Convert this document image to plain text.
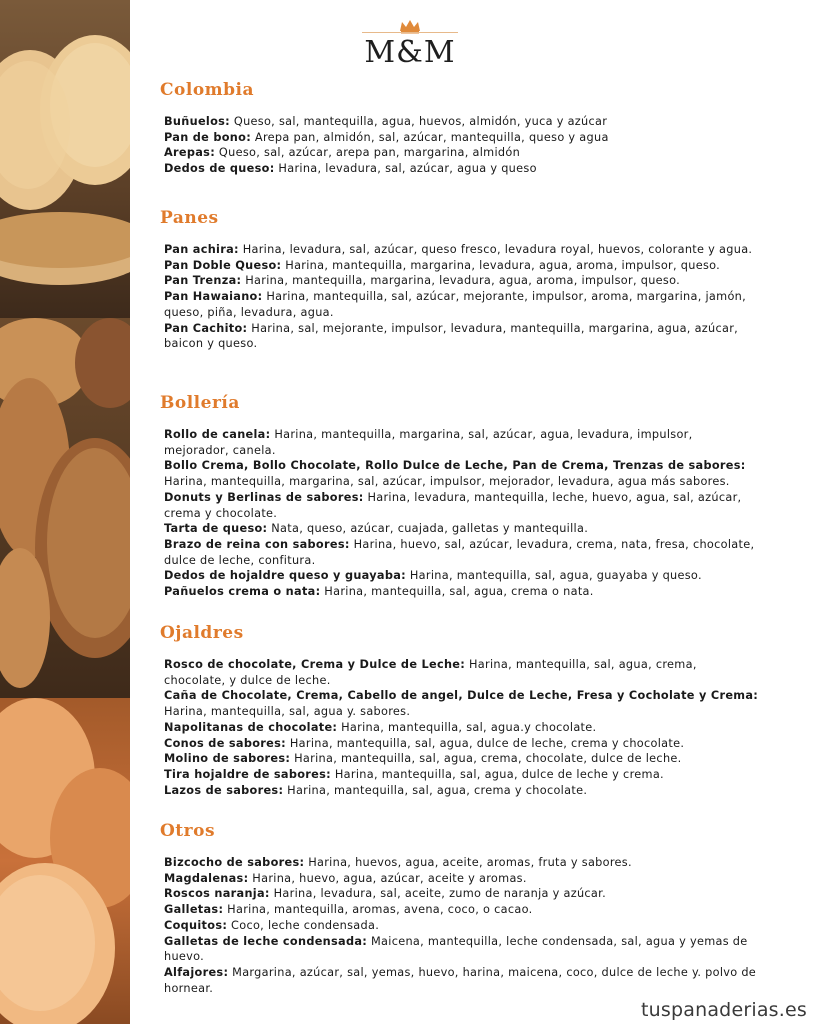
M&M
Colombia
Buñuelos: Queso, sal, mantequilla, agua, huevos, almidón, yuca y azúcar
Pan de bono: Arepa pan, almidón, sal, azúcar, mantequilla, queso y agua
Arepas: Queso, sal, azúcar, arepa pan, margarina, almidón
Dedos de queso: Harina, levadura, sal, azúcar, agua y queso
Panes
Pan achira: Harina, levadura, sal, azúcar, queso fresco, levadura royal, huevos, colorante y agua.
Pan Doble Queso: Harina, mantequilla, margarina, levadura, agua, aroma, impulsor, queso.
Pan Trenza: Harina, mantequilla, margarina, levadura, agua, aroma, impulsor, queso.
Pan Hawaiano: Harina, mantequilla, sal, azúcar, mejorante, impulsor, aroma, margarina, jamón, queso, piña, levadura, agua.
Pan Cachito: Harina, sal, mejorante, impulsor, levadura, mantequilla, margarina, agua, azúcar, baicon y queso.
Bollería
Rollo de canela: Harina, mantequilla, margarina, sal, azúcar, agua, levadura, impulsor, mejorador, canela.
Bollo Crema, Bollo Chocolate, Rollo Dulce de Leche, Pan de Crema, Trenzas de sabores: Harina, mantequilla, margarina, sal, azúcar, impulsor, mejorador, levadura, agua más sabores.
Donuts y Berlinas de sabores: Harina, levadura, mantequilla, leche, huevo, agua, sal, azúcar, crema y chocolate.
Tarta de queso: Nata, queso, azúcar, cuajada, galletas y mantequilla.
Brazo de reina con sabores: Harina, huevo, sal, azúcar, levadura, crema, nata, fresa, chocolate, dulce de leche, confitura.
Dedos de hojaldre queso y guayaba: Harina, mantequilla, sal, agua, guayaba y queso.
Pañuelos crema o nata: Harina, mantequilla, sal, agua, crema o nata.
Ojaldres
Rosco de chocolate, Crema y Dulce de Leche: Harina, mantequilla, sal, agua, crema, chocolate, y dulce de leche.
Caña de Chocolate, Crema, Cabello de angel, Dulce de Leche, Fresa y Cocholate y Crema: Harina, mantequilla, sal, agua y. sabores.
Napolitanas de chocolate: Harina, mantequilla, sal, agua.y chocolate.
Conos de sabores: Harina, mantequilla, sal, agua, dulce de leche, crema y chocolate.
Molino de sabores: Harina, mantequilla, sal, agua, crema, chocolate, dulce de leche.
Tira hojaldre de sabores: Harina, mantequilla, sal, agua, dulce de leche y crema.
Lazos de sabores: Harina, mantequilla, sal, agua, crema y chocolate.
Otros
Bizcocho de sabores: Harina, huevos, agua, aceite, aromas, fruta y sabores.
Magdalenas: Harina, huevo, agua, azúcar, aceite y aromas.
Roscos naranja: Harina, levadura, sal, aceite, zumo de naranja y azúcar.
Galletas: Harina, mantequilla, aromas, avena, coco, o cacao.
Coquitos: Coco, leche condensada.
Galletas de leche condensada: Maicena, mantequilla, leche condensada, sal, agua y yemas de huevo.
Alfajores: Margarina, azúcar, sal, yemas, huevo, harina, maicena, coco, dulce de leche y. polvo de hornear.
tuspanaderias.es
